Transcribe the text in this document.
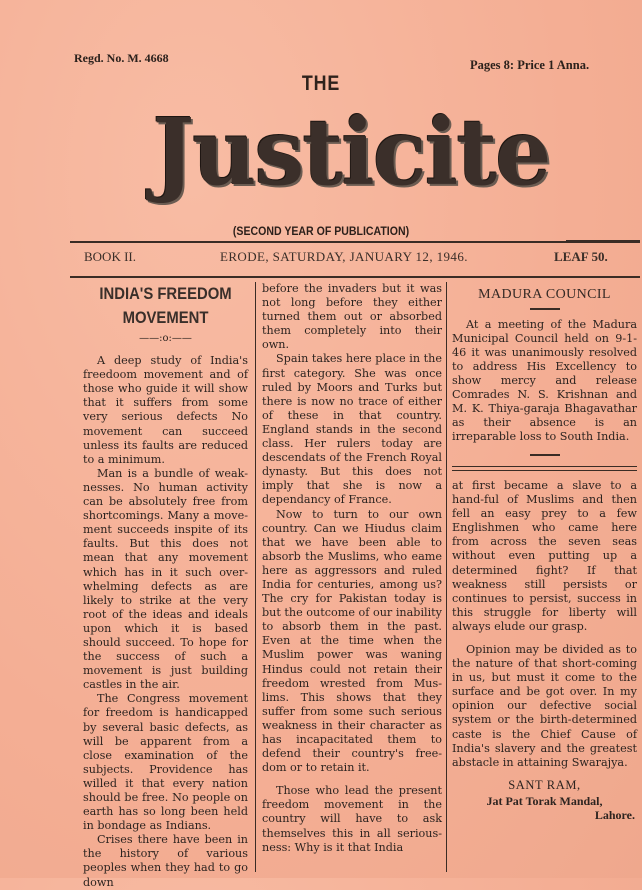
Regd. No. M. 4668	Pages 8: Price 1 Anna.
THE
Justicite
(SECOND YEAR OF PUBLICATION)
BOOK II.	ERODE, SATURDAY, JANUARY 12, 1946.	LEAF 50.
INDIA'S FREEDOM
MOVEMENT
——:o:——

A deep study of India's freedoom movement and of those who guide it will show that it suffers from some very serious defects No movement can succeed unless its faults are reduced to a minimum.

Man is a bundle of weak-nesses. No human activity can be absolutely free from shortcomings. Many a move-ment succeeds inspite of its faults. But this does not mean that any movement which has in it such over-whelming defects as are likely to strike at the very root of the ideas and ideals upon which it is based should succeed. To hope for the success of such a movement is just building castles in the air.

The Congress movement for freedom is handicapped by several basic defects, as will be apparent from a close examination of the subjects. Providence has willed it that every nation should be free. No people on earth has so long been held in bondage as Indians.

Crises there have been in the history of various peoples when they had to go down

before the invaders but it was not long before they either turned them out or absorbed them completely into their own.

Spain takes here place in the first category. She was once ruled by Moors and Turks but there is now no trace of either of these in that country. England stands in the second class. Her rulers today are descendats of the French Royal dynasty. But this does not imply that she is now a dependancy of France.

Now to turn to our own country. Can we Hiudus claim that we have been able to absorb the Muslims, who eame here as aggressors and ruled India for centuries, among us? The cry for Pakistan today is but the outcome of our inability to absorb them in the past. Even at the time when the Muslim power was waning Hindus could not retain their freedom wrested from Mus-lims. This shows that they suffer from some such serious weakness in their character as has incapacitated them to defend their country's free-dom or to retain it.

Those who lead the present freedom movement in the country will have to ask themselves this in all serious-ness: Why is it that India

MADURA COUNCIL

At a meeting of the Madura Municipal Council held on 9-1-46 it was unanimously resolved to address His Excellency to show mercy and release Comrades N. S. Krishnan and M. K. Thiya-garaja Bhagavathar as their absence is an irreparable loss to South India.

at first became a slave to a hand-ful of Muslims and then fell an easy prey to a few Englishmen who came here from across the seven seas without even putting up a determined fight? If that weakness still persists or continues to persist, success in this struggle for liberty will always elude our grasp.

Opinion may be divided as to the nature of that short-coming in us, but must it come to the surface and be got over. In my opinion our defective social system or the birth-determined caste is the Chief Cause of India's slavery and the greatest abstacle in attaining Swarajya.

SANT RAM,
Jat Pat Torak Mandal,
Lahore.
